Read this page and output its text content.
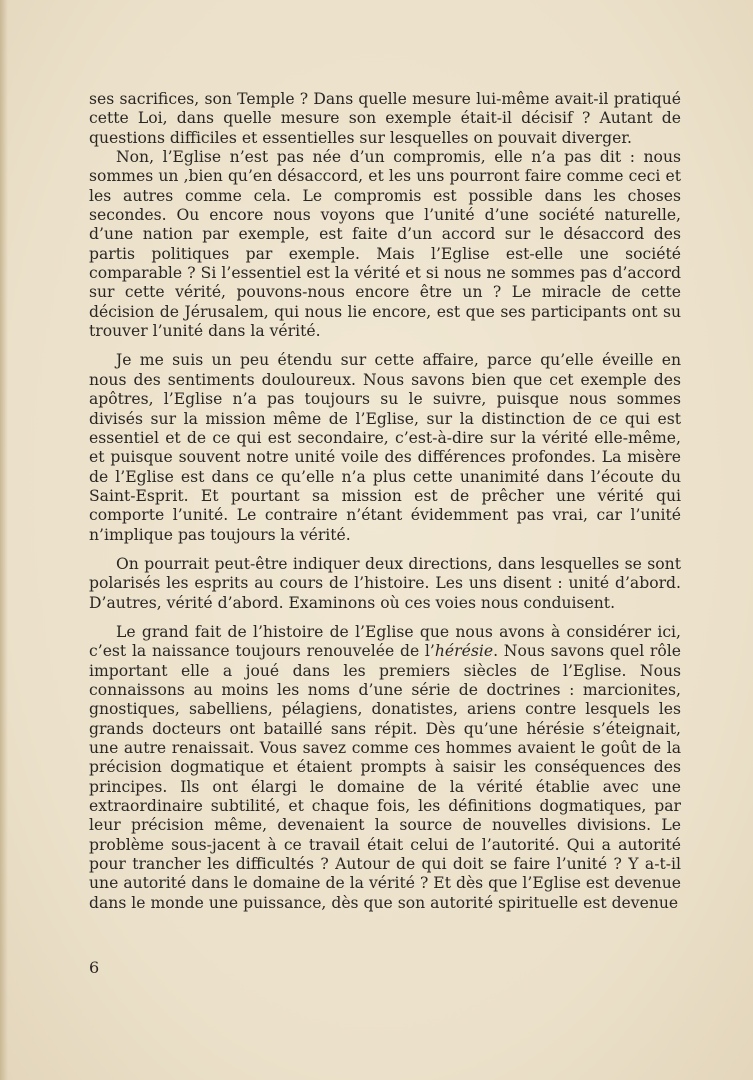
ses sacrifices, son Temple ? Dans quelle mesure lui-même avait-il pratiqué cette Loi, dans quelle mesure son exemple était-il décisif ? Autant de questions difficiles et essentielles sur lesquelles on pouvait diverger.

Non, l’Eglise n’est pas née d’un compromis, elle n’a pas dit : nous sommes un ,bien qu’en désaccord, et les uns pourront faire comme ceci et les autres comme cela. Le compromis est possible dans les choses secondes. Ou encore nous voyons que l’unité d’une société naturelle, d’une nation par exemple, est faite d’un accord sur le désaccord des partis politiques par exemple. Mais l’Eglise est-elle une société comparable ? Si l’essentiel est la vérité et si nous ne sommes pas d’accord sur cette vérité, pouvons-nous encore être un ? Le miracle de cette décision de Jérusalem, qui nous lie encore, est que ses participants ont su trouver l’unité dans la vérité.

Je me suis un peu étendu sur cette affaire, parce qu’elle éveille en nous des sentiments douloureux. Nous savons bien que cet exemple des apôtres, l’Eglise n’a pas toujours su le suivre, puisque nous sommes divisés sur la mission même de l’Eglise, sur la distinction de ce qui est essentiel et de ce qui est secondaire, c’est-à-dire sur la vérité elle-même, et puisque souvent notre unité voile des différences profondes. La misère de l’Eglise est dans ce qu’elle n’a plus cette unanimité dans l’écoute du Saint-Esprit. Et pourtant sa mission est de prêcher une vérité qui comporte l’unité. Le contraire n’étant évidemment pas vrai, car l’unité n’implique pas toujours la vérité.

On pourrait peut-être indiquer deux directions, dans lesquelles se sont polarisés les esprits au cours de l’histoire. Les uns disent : unité d’abord. D’autres, vérité d’abord. Examinons où ces voies nous conduisent.

Le grand fait de l’histoire de l’Eglise que nous avons à considérer ici, c’est la naissance toujours renouvelée de l’hérésie. Nous savons quel rôle important elle a joué dans les premiers siècles de l’Eglise. Nous connaissons au moins les noms d’une série de doctrines : marcionites, gnostiques, sabelliens, pélagiens, donatistes, ariens contre lesquels les grands docteurs ont bataillé sans répit. Dès qu’une hérésie s’éteignait, une autre renaissait. Vous savez comme ces hommes avaient le goût de la précision dogmatique et étaient prompts à saisir les conséquences des principes. Ils ont élargi le domaine de la vérité établie avec une extraordinaire subtilité, et chaque fois, les définitions dogmatiques, par leur précision même, devenaient la source de nouvelles divisions. Le problème sous-jacent à ce travail était celui de l’autorité. Qui a autorité pour trancher les difficultés ? Autour de qui doit se faire l’unité ? Y a-t-il une autorité dans le domaine de la vérité ? Et dès que l’Eglise est devenue dans le monde une puissance, dès que son autorité spirituelle est devenue

6
